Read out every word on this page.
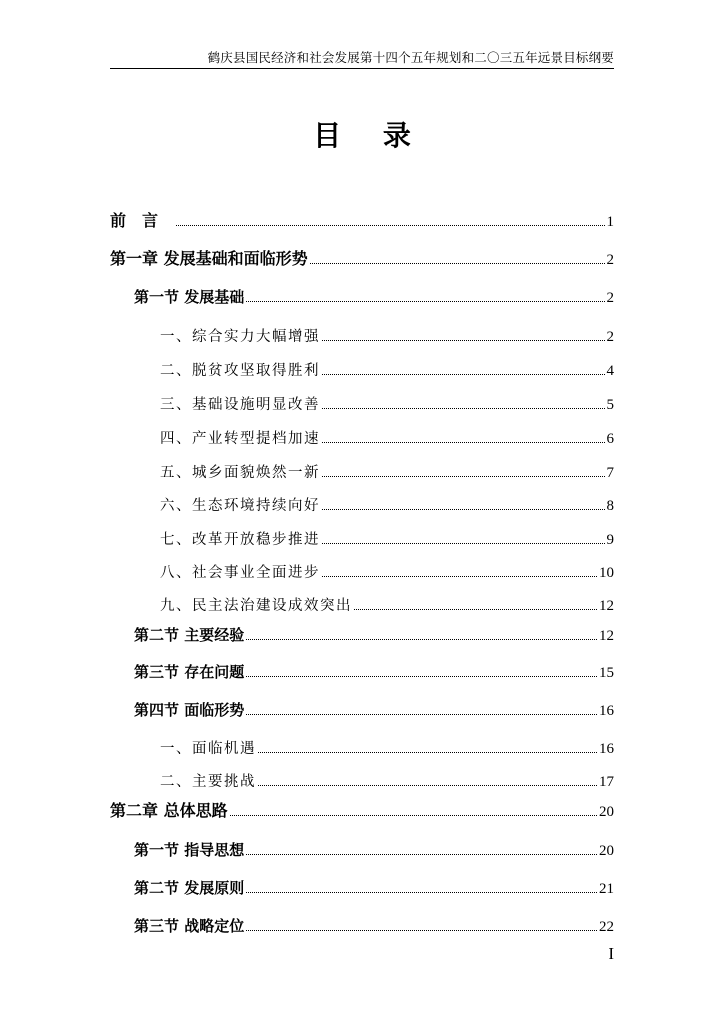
鹤庆县国民经济和社会发展第十四个五年规划和二〇三五年远景目标纲要
目 录
前言	1
第一章 发展基础和面临形势	2
第一节 发展基础	2
一、综合实力大幅增强	2
二、脱贫攻坚取得胜利	4
三、基础设施明显改善	5
四、产业转型提档加速	6
五、城乡面貌焕然一新	7
六、生态环境持续向好	8
七、改革开放稳步推进	9
八、社会事业全面进步	10
九、民主法治建设成效突出	12
第二节 主要经验	12
第三节 存在问题	15
第四节 面临形势	16
一、面临机遇	16
二、主要挑战	17
第二章 总体思路	20
第一节 指导思想	20
第二节 发展原则	21
第三节 战略定位	22
I
